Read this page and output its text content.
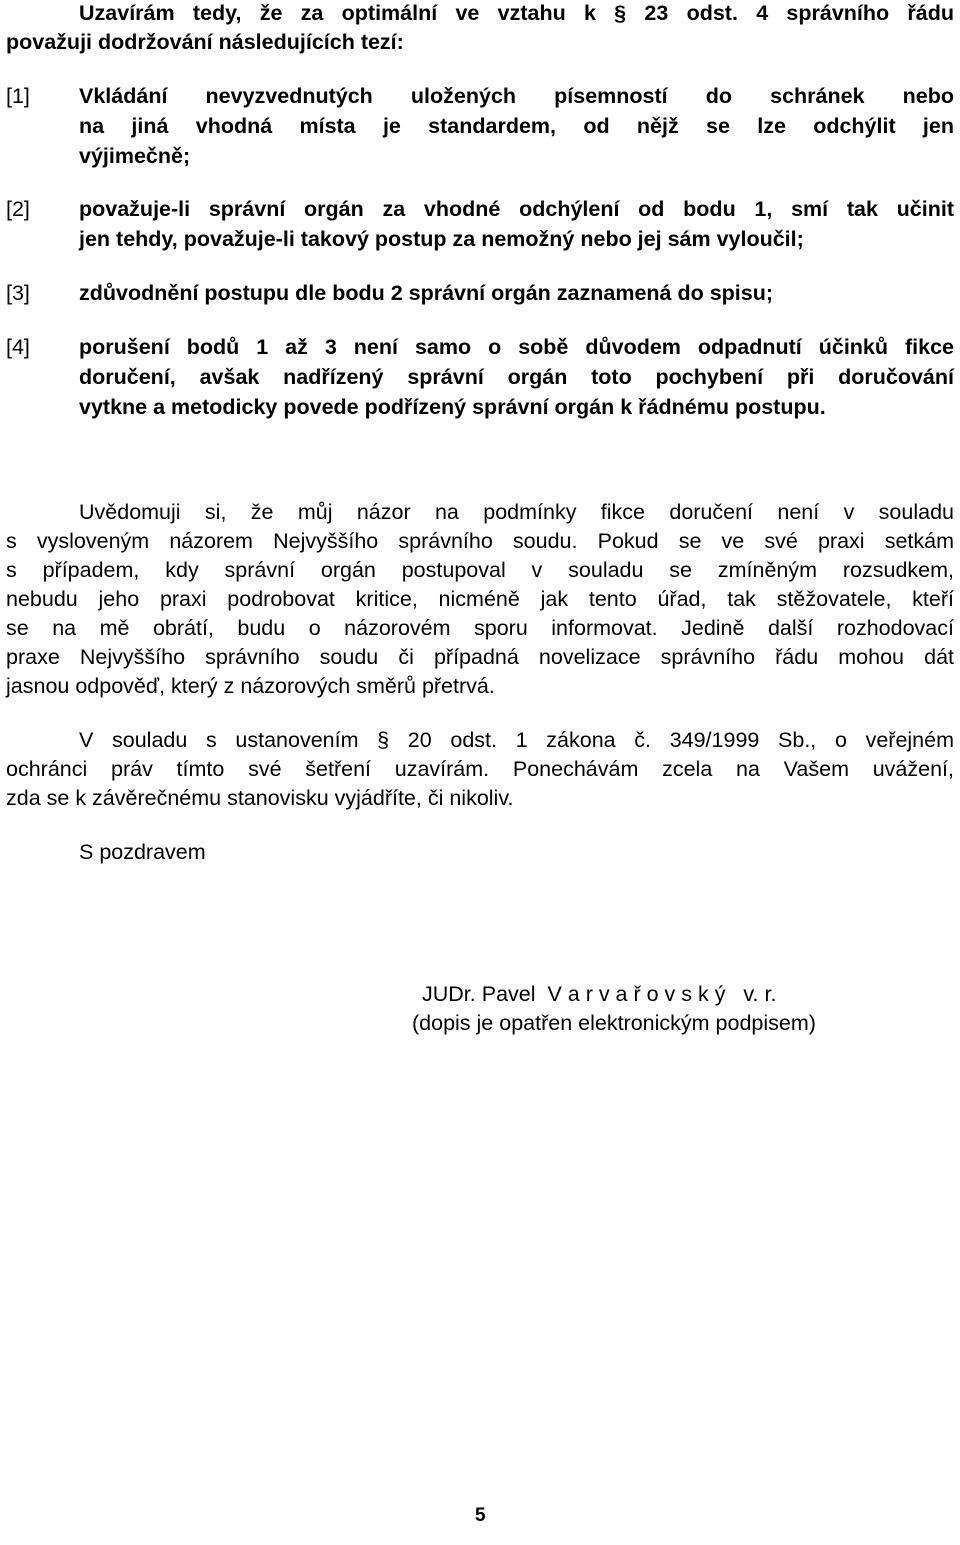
Uzavírám tedy, že za optimální ve vztahu k § 23 odst. 4 správního řádu
považuji dodržování následujících tezí:
[1] Vkládání nevyzvednutých uložených písemností do schránek nebo
na jiná vhodná místa je standardem, od nějž se lze odchýlit jen
výjimečně;
[2] považuje-li správní orgán za vhodné odchýlení od bodu 1, smí tak učinit
jen tehdy, považuje-li takový postup za nemožný nebo jej sám vyloučil;
[3] zdůvodnění postupu dle bodu 2 správní orgán zaznamená do spisu;
[4] porušení bodů 1 až 3 není samo o sobě důvodem odpadnutí účinků fikce
doručení, avšak nadřízený správní orgán toto pochybení při doručování
vytkne a metodicky povede podřízený správní orgán k řádnému postupu.
Uvědomuji si, že můj názor na podmínky fikce doručení není v souladu
s vysloveným názorem Nejvyššího správního soudu. Pokud se ve své praxi setkám
s případem, kdy správní orgán postupoval v souladu se zmíněným rozsudkem,
nebudu jeho praxi podrobovat kritice, nicméně jak tento úřad, tak stěžovatele, kteří
se na mě obrátí, budu o názorovém sporu informovat. Jedině další rozhodovací
praxe Nejvyššího správního soudu či případná novelizace správního řádu mohou dát
jasnou odpověď, který z názorových směrů přetrvá.
V souladu s ustanovením § 20 odst. 1 zákona č. 349/1999 Sb., o veřejném
ochránci práv tímto své šetření uzavírám. Ponechávám zcela na Vašem uvážení,
zda se k závěrečnému stanovisku vyjádříte, či nikoliv.
S pozdravem
JUDr. Pavel  V a r v a ř o v s k ý   v. r.
(dopis je opatřen elektronickým podpisem)
5
